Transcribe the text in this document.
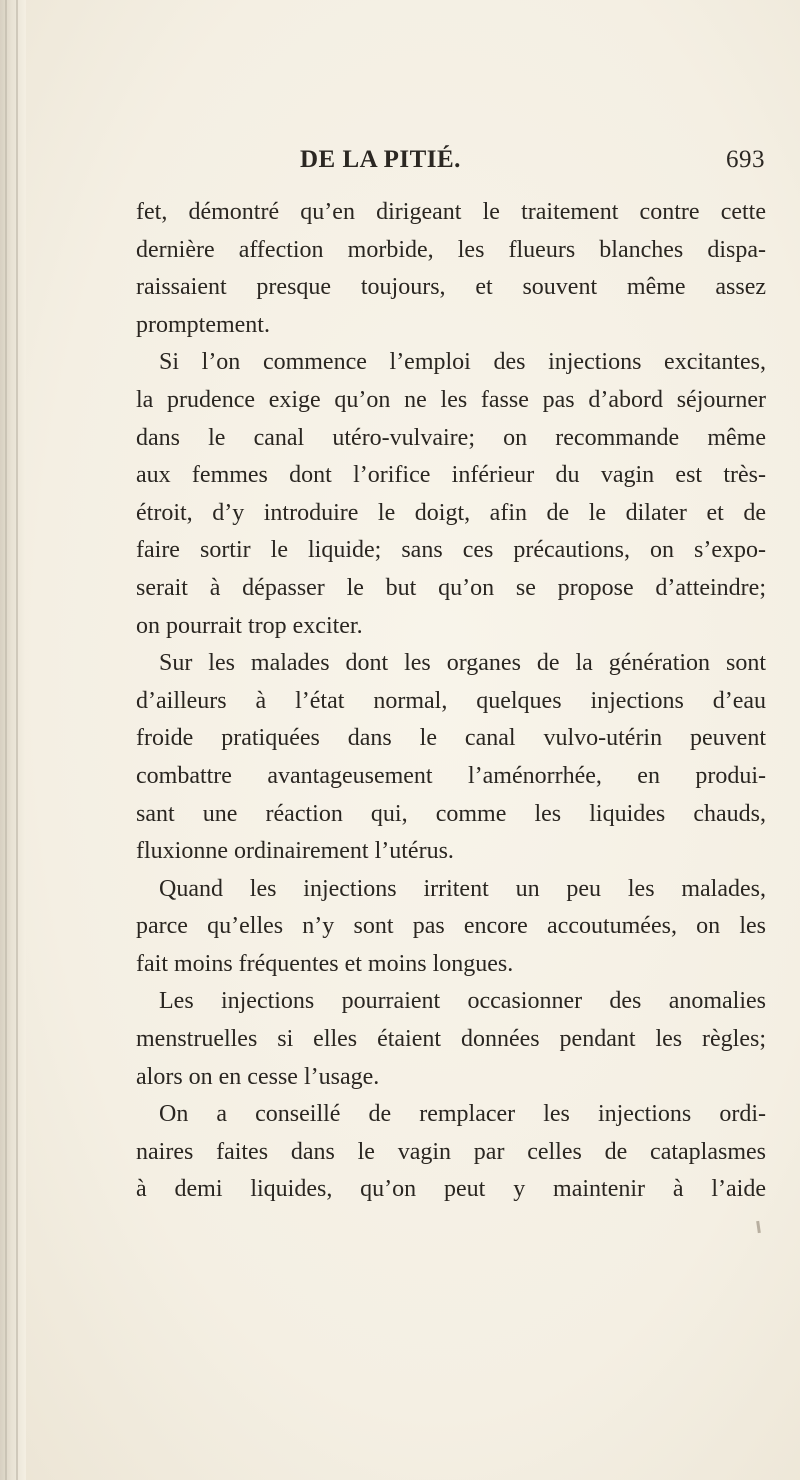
DE LA PITIÉ.	693
fet, démontré qu’en dirigeant le traitement contre cette
dernière affection morbide, les flueurs blanches dispa-
raissaient presque toujours, et souvent même assez
promptement.
Si l’on commence l’emploi des injections excitantes,
la prudence exige qu’on ne les fasse pas d’abord séjourner
dans le canal utéro-vulvaire; on recommande même
aux femmes dont l’orifice inférieur du vagin est très-
étroit, d’y introduire le doigt, afin de le dilater et de
faire sortir le liquide; sans ces précautions, on s’expo-
serait à dépasser le but qu’on se propose d’atteindre;
on pourrait trop exciter.
Sur les malades dont les organes de la génération sont
d’ailleurs à l’état normal, quelques injections d’eau
froide pratiquées dans le canal vulvo-utérin peuvent
combattre avantageusement l’aménorrhée, en produi-
sant une réaction qui, comme les liquides chauds,
fluxionne ordinairement l’utérus.
Quand les injections irritent un peu les malades,
parce qu’elles n’y sont pas encore accoutumées, on les
fait moins fréquentes et moins longues.
Les injections pourraient occasionner des anomalies
menstruelles si elles étaient données pendant les règles;
alors on en cesse l’usage.
On a conseillé de remplacer les injections ordi-
naires faites dans le vagin par celles de cataplasmes
à demi liquides, qu’on peut y maintenir à l’aide
